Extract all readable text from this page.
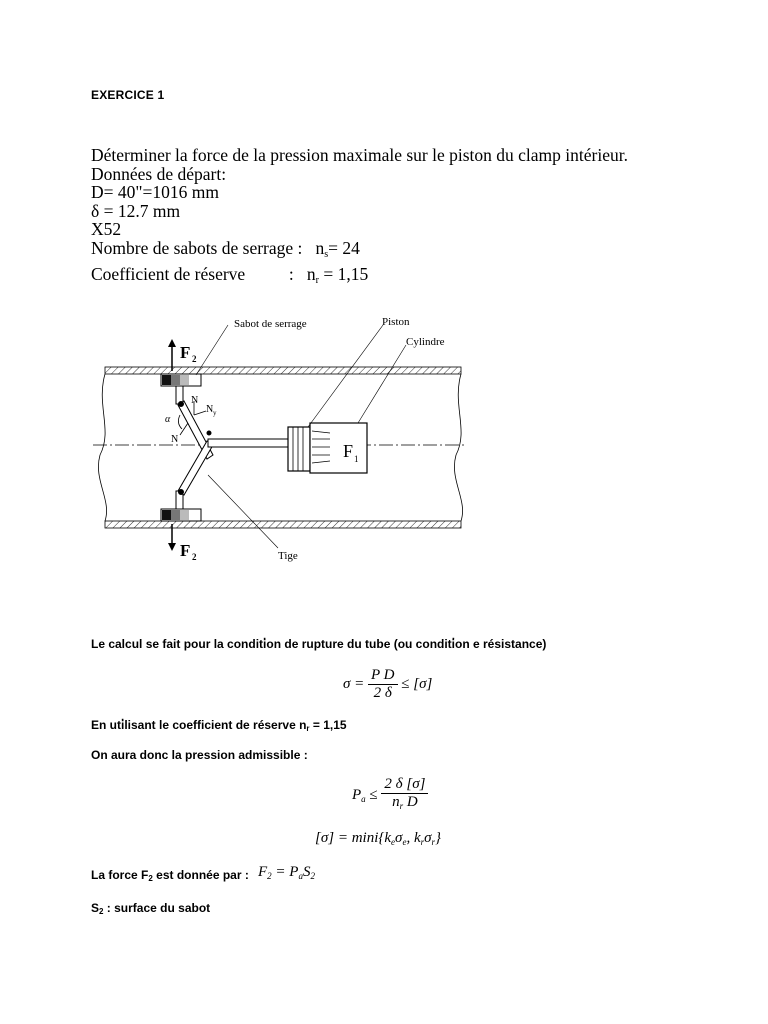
EXERCICE 1
Déterminer la force de la pression maximale sur le piston du clamp intérieur.
Données de départ:
D= 40"=1016 mm
δ = 12.7 mm
X52
Nombre de sabots de serrage :   $n_s= 24$
Coefficient de réserve          :   $n_r = 1,15$
Sabot de serrage	Piston
Cylindre
Tige
F 2
F 2
F 1
N
N y
α
N
Le calcul se fait pour la conditi̇on de rupture du tube (ou conditi̇on e résistance)
$\sigma = \frac{\text{P D}}{2 \delta} \le [\sigma]$
En uti̇lisant le coefficient de réserve $n_r = 1,15$
On aura donc la pression admissible :
$P_a \le \frac{2 \delta [\sigma]}{n_r D}$
$[\sigma] = \min i\{k_e\sigma_e$, $k_r\sigma_r$}
La force $F_2$ est donnée par : $F_2 = P_aS_2$
$S_2$ : surface du sabot
